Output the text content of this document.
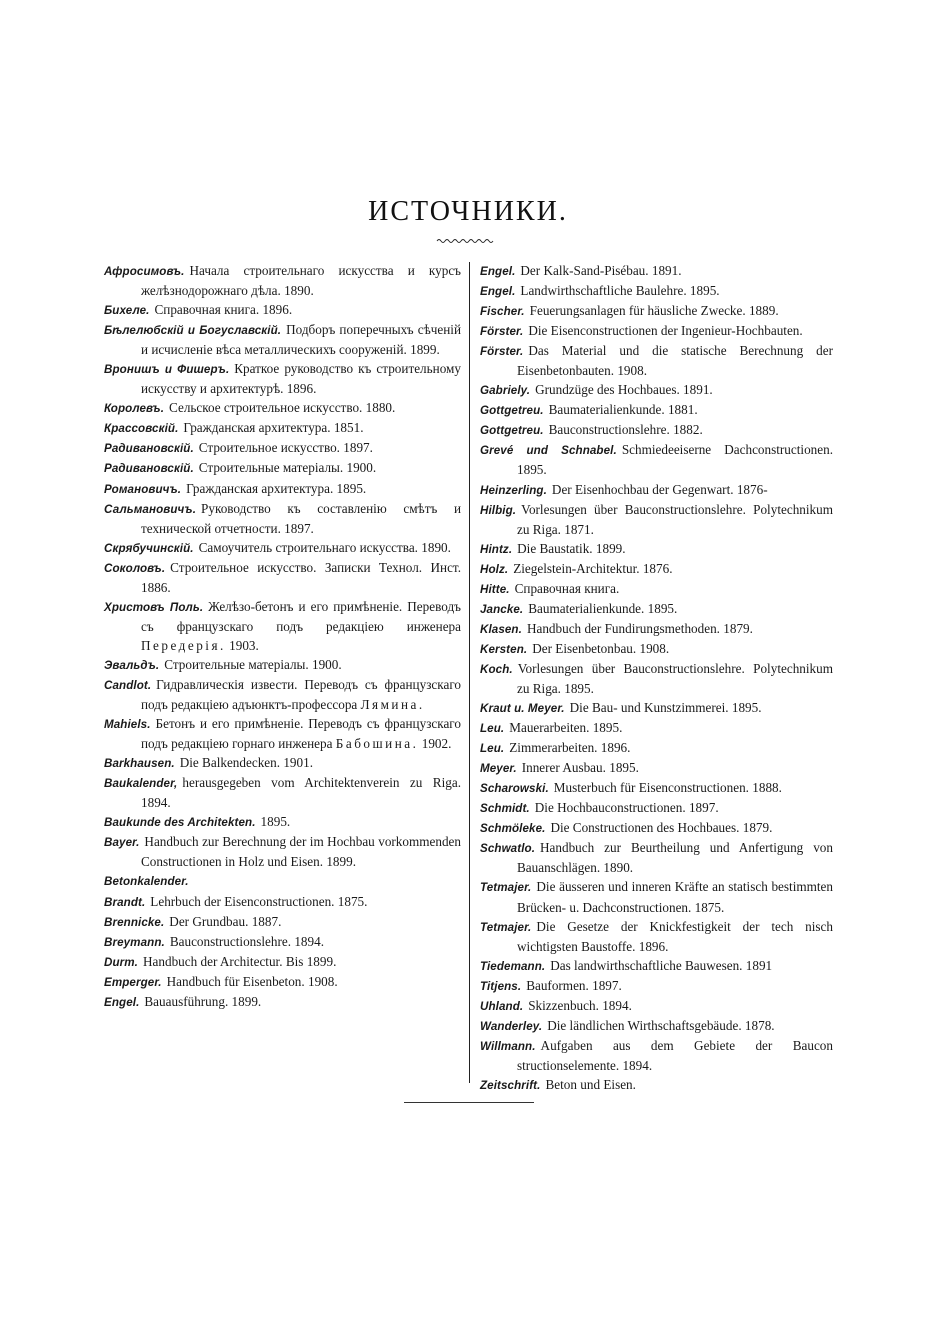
ИСТОЧНИКИ.
Афросимовъ. Начала строительнаго искусства и курсъ желѣзнодорожнаго дѣла. 1890.
Бихеле. Справочная книга. 1896.
Бѣлелюбскій и Богуславскій. Подборъ поперечныхъ сѣченій и исчисленіе вѣса металлическихъ сооруженій. 1899.
Вронишъ и Фишеръ. Краткое руководство къ строительному искусству и архитектурѣ. 1896.
Королевъ. Сельское строительное искусство. 1880.
Крассовскій. Гражданская архитектура. 1851.
Радивановскій. Строительное искусство. 1897.
Радивановскій. Строительные матеріалы. 1900.
Романовичъ. Гражданская архитектура. 1895.
Сальмановичъ. Руководство къ составленію смѣтъ и технической отчетности. 1897.
Скрябучинскій. Самоучитель строительнаго искусства. 1890.
Соколовъ. Строительное искусство. Записки Технол. Инст. 1886.
Христовъ Поль. Желѣзо-бетонъ и его примѣненіе. Переводъ съ французскаго подъ редакціею инженера Передерія. 1903.
Эвальдъ. Строительные матеріалы. 1900.
Candlot. Гидравлическія извести. Переводъ съ французскаго подъ редакціею адъюнктъ-профессора Лямина.
Mahiels. Бетонъ и его примѣненіе. Переводъ съ французскаго подъ редакціею горнаго инженера Бабошина. 1902.
Barkhausen. Die Balkendecken. 1901.
Baukalender, herausgegeben vom Architektenverein zu Riga. 1894.
Baukunde des Architekten. 1895.
Bayer. Handbuch zur Berechnung der im Hochbau vorkommenden Constructionen in Holz und Eisen. 1899.
Betonkalender.
Brandt. Lehrbuch der Eisenconstructionen. 1875.
Brennicke. Der Grundbau. 1887.
Breymann. Bauconstructionslehre. 1894.
Durm. Handbuch der Architectur. Bis 1899.
Emperger. Handbuch für Eisenbeton. 1908.
Engel. Bauausführung. 1899.
Engel. Der Kalk-Sand-Pisébau. 1891.
Engel. Landwirthschaftliche Baulehre. 1895.
Fischer. Feuerungsanlagen für häusliche Zwecke. 1889.
Förster. Die Eisenconstructionen der Ingenieur-Hochbauten.
Förster. Das Material und die statische Berechnung der Eisenbetonbauten. 1908.
Gabriely. Grundzüge des Hochbaues. 1891.
Gottgetreu. Baumaterialienkunde. 1881.
Gottgetreu. Bauconstructionslehre. 1882.
Grevé und Schnabel. Schmiedeeiserne Dachconstructionen. 1895.
Heinzerling. Der Eisenhochbau der Gegenwart. 1876-
Hilbig. Vorlesungen über Bauconstructionslehre. Polytechnikum zu Riga. 1871.
Hintz. Die Baustatik. 1899.
Holz. Ziegelstein-Architektur. 1876.
Hitte. Справочная книга.
Jancke. Baumaterialienkunde. 1895.
Klasen. Handbuch der Fundirungsmethoden. 1879.
Kersten. Der Eisenbetonbau. 1908.
Koch. Vorlesungen über Bauconstructionslehre. Polytechnikum zu Riga. 1895.
Kraut u. Meyer. Die Bau- und Kunstzimmerei. 1895.
Leu. Mauerarbeiten. 1895.
Leu. Zimmerarbeiten. 1896.
Meyer. Innerer Ausbau. 1895.
Scharowski. Musterbuch für Eisenconstructionen. 1888.
Schmidt. Die Hochbauconstructionen. 1897.
Schmöleke. Die Constructionen des Hochbaues. 1879.
Schwatlo. Handbuch zur Beurtheilung und Anfertigung von Bauanschlägen. 1890.
Tetmajer. Die äusseren und inneren Kräfte an statisch bestimmten Brücken- u. Dachconstructionen. 1875.
Tetmajer. Die Gesetze der Knickfestigkeit der tech nisch wichtigsten Baustoffe. 1896.
Tiedemann. Das landwirthschaftliche Bauwesen. 1891
Titjens. Bauformen. 1897.
Uhland. Skizzenbuch. 1894.
Wanderley. Die ländlichen Wirthschaftsgebäude. 1878.
Willmann. Aufgaben aus dem Gebiete der Baucon structionselemente. 1894.
Zeitschrift. Beton und Eisen.
